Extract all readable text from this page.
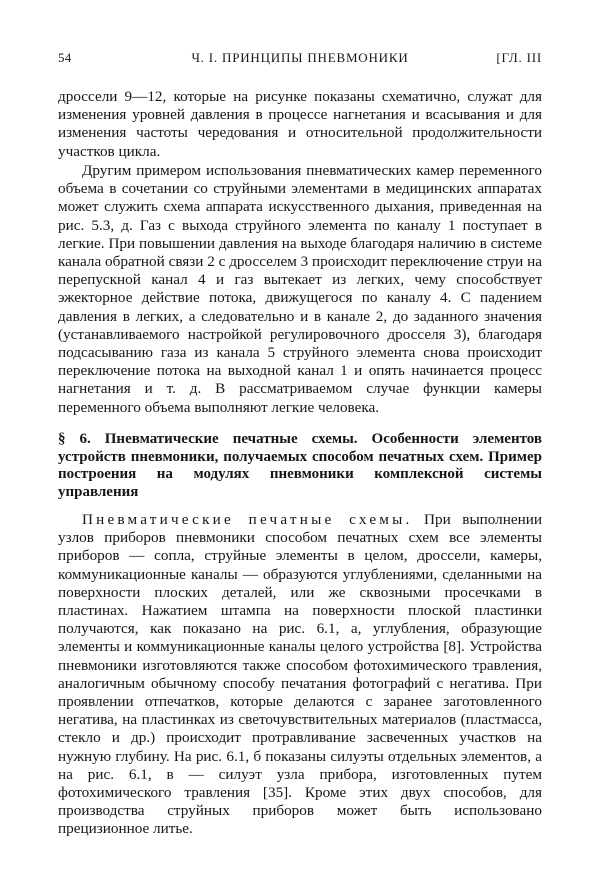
54	Ч. I. ПРИНЦИПЫ ПНЕВМОНИКИ	[ГЛ. III

дроссели 9—12, которые на рисунке показаны схематично, служат для изменения уровней давления в процессе нагнетания и всасывания и для изменения частоты чередования и относительной продолжительности участков цикла.

Другим примером использования пневматических камер переменного объема в сочетании со струйными элементами в медицинских аппаратах может служить схема аппарата искусственного дыхания, приведенная на рис. 5.3, д. Газ с выхода струйного элемента по каналу 1 поступает в легкие. При повышении давления на выходе благодаря наличию в системе канала обратной связи 2 с дросселем 3 происходит переключение струи на перепускной канал 4 и газ вытекает из легких, чему способствует эжекторное действие потока, движущегося по каналу 4. С падением давления в легких, а следовательно и в канале 2, до заданного значения (устанавливаемого настройкой регулировочного дросселя 3), благодаря подсасыванию газа из канала 5 струйного элемента снова происходит переключение потока на выходной канал 1 и опять начинается процесс нагнетания и т. д. В рассматриваемом случае функции камеры переменного объема выполняют легкие человека.

§ 6. Пневматические печатные схемы. Особенности элементов устройств пневмоники, получаемых способом печатных схем. Пример построения на модулях пневмоники комплексной системы управления

Пневматические печатные схемы. При выполнении узлов приборов пневмоники способом печатных схем все элементы приборов — сопла, струйные элементы в целом, дроссели, камеры, коммуникационные каналы — образуются углублениями, сделанными на поверхности плоских деталей, или же сквозными просечками в пластинах. Нажатием штампа на поверхности плоской пластинки получаются, как показано на рис. 6.1, а, углубления, образующие элементы и коммуникационные каналы целого устройства [8]. Устройства пневмоники изготовляются также способом фотохимического травления, аналогичным обычному способу печатания фотографий с негатива. При проявлении отпечатков, которые делаются с заранее заготовленного негатива, на пластинках из светочувствительных материалов (пластмасса, стекло и др.) происходит протравливание засвеченных участков на нужную глубину. На рис. 6.1, б показаны силуэты отдельных элементов, а на рис. 6.1, в — силуэт узла прибора, изготовленных путем фотохимического травления [35]. Кроме этих двух способов, для производства струйных приборов может быть использовано прецизионное литье.
